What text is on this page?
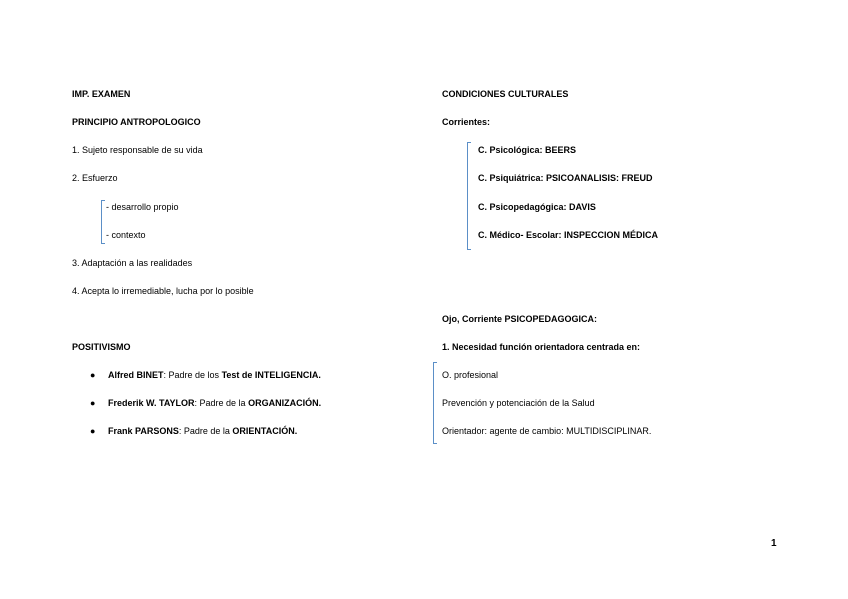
IMP. EXAMEN
PRINCIPIO ANTROPOLOGICO
1. Sujeto responsable de su vida
2. Esfuerzo
- desarrollo propio
- contexto
3. Adaptación a las realidades
4. Acepta lo irremediable, lucha por lo posible
POSITIVISMO
● Alfred BINET: Padre de los Test de INTELIGENCIA.
● Frederik W. TAYLOR: Padre de la ORGANIZACIÓN.
● Frank PARSONS: Padre de la ORIENTACIÓN.
CONDICIONES CULTURALES
Corrientes:
C. Psicológica: BEERS
C. Psiquiátrica: PSICOANALISIS: FREUD
C. Psicopedagógica: DAVIS
C. Médico- Escolar: INSPECCION MÉDICA
Ojo, Corriente PSICOPEDAGOGICA:
1. Necesidad función orientadora centrada en:
O. profesional
Prevención y potenciación de la Salud
Orientador: agente de cambio: MULTIDISCIPLINAR.
1
